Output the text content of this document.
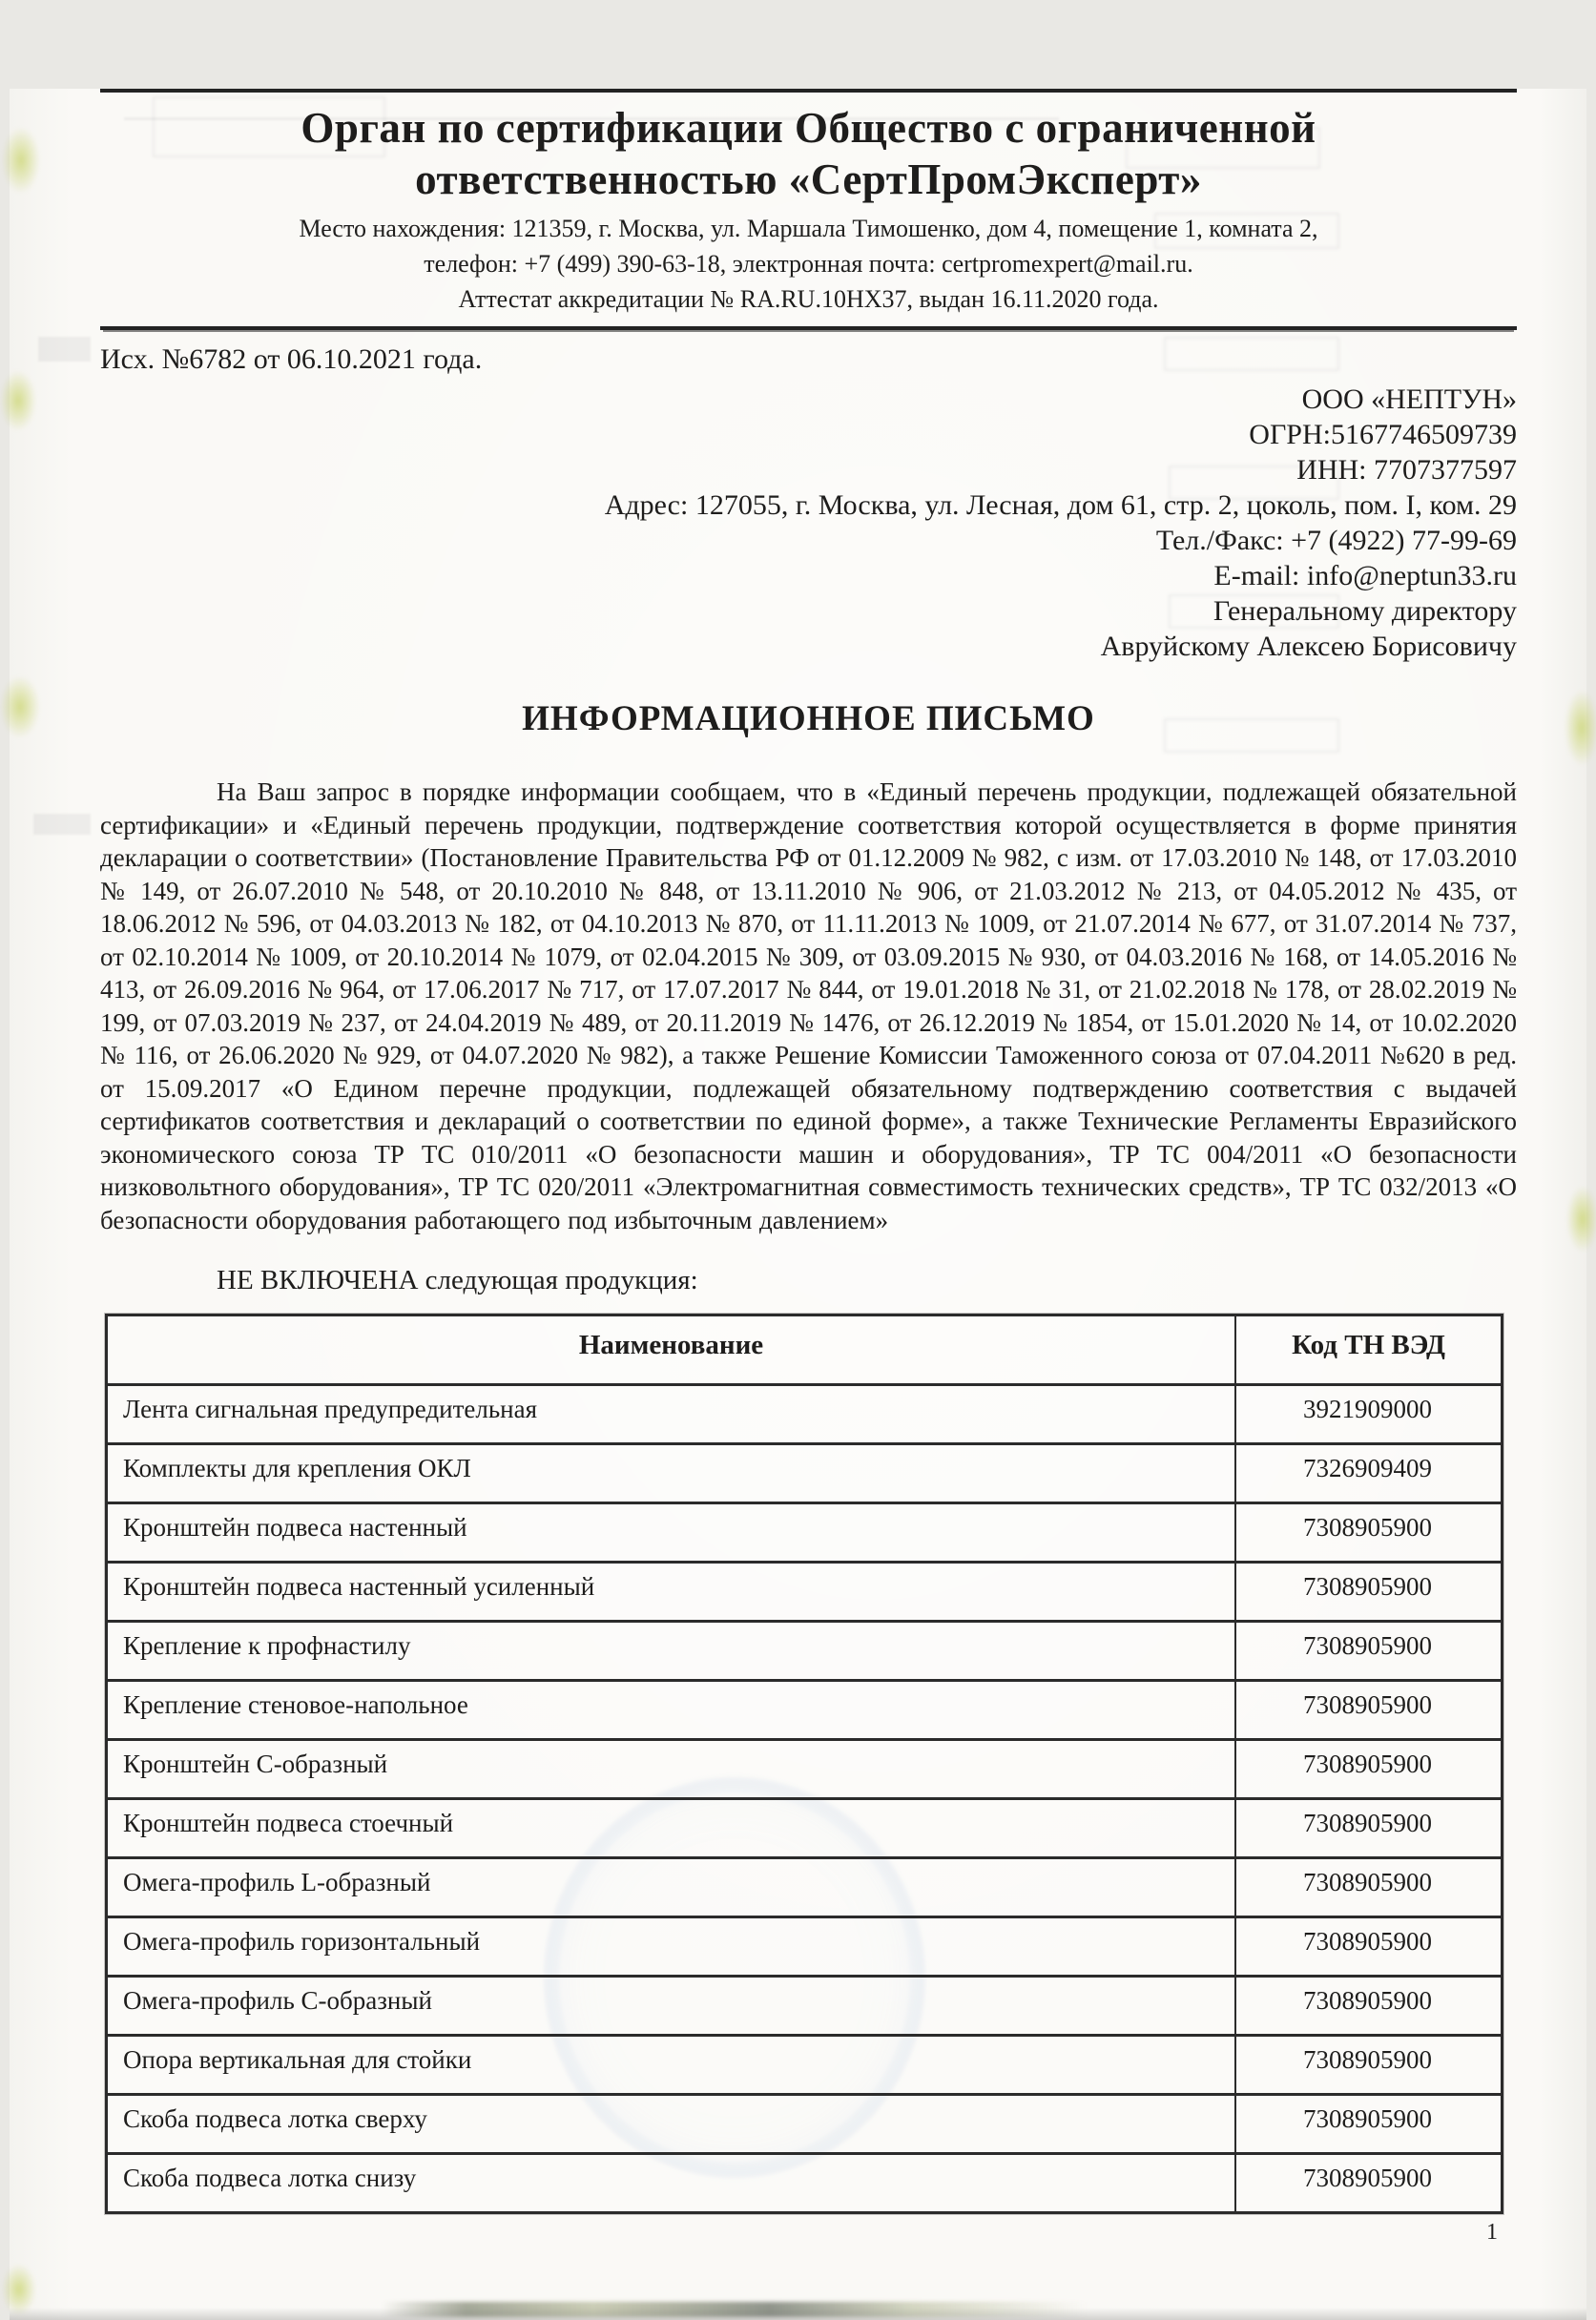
Орган по сертификации Общество с ограниченной
ответственностью «СертПромЭксперт»
Место нахождения: 121359, г. Москва, ул. Маршала Тимошенко, дом 4, помещение 1, комната 2,
телефон: +7 (499) 390-63-18, электронная почта: certpromexpert@mail.ru.
Аттестат аккредитации № RA.RU.10НХ37, выдан 16.11.2020 года.
Исх. №6782 от 06.10.2021 года.
ООО «НЕПТУН»
ОГРН:5167746509739
ИНН: 7707377597
Адрес: 127055, г. Москва, ул. Лесная, дом 61, стр. 2, цоколь, пом. I, ком. 29
Тел./Факс: +7 (4922) 77-99-69
E-mail: info@neptun33.ru
Генеральному директору
Авруйскому Алексею Борисовичу
ИНФОРМАЦИОННОЕ ПИСЬМО
На Ваш запрос в порядке информации сообщаем, что в «Единый перечень продукции, подлежащей обязательной сертификации» и «Единый перечень продукции, подтверждение соответствия которой осуществляется в форме принятия декларации о соответствии» (Постановление Правительства РФ от 01.12.2009 № 982, с изм. от 17.03.2010 № 148, от 17.03.2010 № 149, от 26.07.2010 № 548, от 20.10.2010 № 848, от 13.11.2010 № 906, от 21.03.2012 № 213, от 04.05.2012 № 435, от 18.06.2012 № 596, от 04.03.2013 № 182, от 04.10.2013 № 870, от 11.11.2013 № 1009, от 21.07.2014 № 677, от 31.07.2014 № 737, от 02.10.2014 № 1009, от 20.10.2014 № 1079, от 02.04.2015 № 309, от 03.09.2015 № 930, от 04.03.2016 № 168, от 14.05.2016 № 413, от 26.09.2016 № 964, от 17.06.2017 № 717, от 17.07.2017 № 844, от 19.01.2018 № 31, от 21.02.2018 № 178, от 28.02.2019 № 199, от 07.03.2019 № 237, от 24.04.2019 № 489, от 20.11.2019 № 1476, от 26.12.2019 № 1854, от 15.01.2020 № 14, от 10.02.2020 № 116, от 26.06.2020 № 929, от 04.07.2020 № 982), а также Решение Комиссии Таможенного союза от 07.04.2011 №620 в ред. от 15.09.2017 «О Едином перечне продукции, подлежащей обязательному подтверждению соответствия с выдачей сертификатов соответствия и деклараций о соответствии по единой форме», а также Технические Регламенты Евразийского экономического союза ТР ТС 010/2011 «О безопасности машин и оборудования», ТР ТС 004/2011 «О безопасности низковольтного оборудования», ТР ТС 020/2011 «Электромагнитная совместимость технических средств», ТР ТС 032/2013 «О безопасности оборудования работающего под избыточным давлением»
НЕ ВКЛЮЧЕНА следующая продукция:
Наименование	Код ТН ВЭД
Лента сигнальная предупредительная	3921909000
Комплекты для крепления ОКЛ	7326909409
Кронштейн подвеса настенный	7308905900
Кронштейн подвеса настенный усиленный	7308905900
Крепление к профнастилу	7308905900
Крепление стеновое-напольное	7308905900
Кронштейн С-образный	7308905900
Кронштейн подвеса стоечный	7308905900
Омега-профиль L-образный	7308905900
Омега-профиль горизонтальный	7308905900
Омега-профиль С-образный	7308905900
Опора вертикальная для стойки	7308905900
Скоба подвеса лотка сверху	7308905900
Скоба подвеса лотка снизу	7308905900
1
